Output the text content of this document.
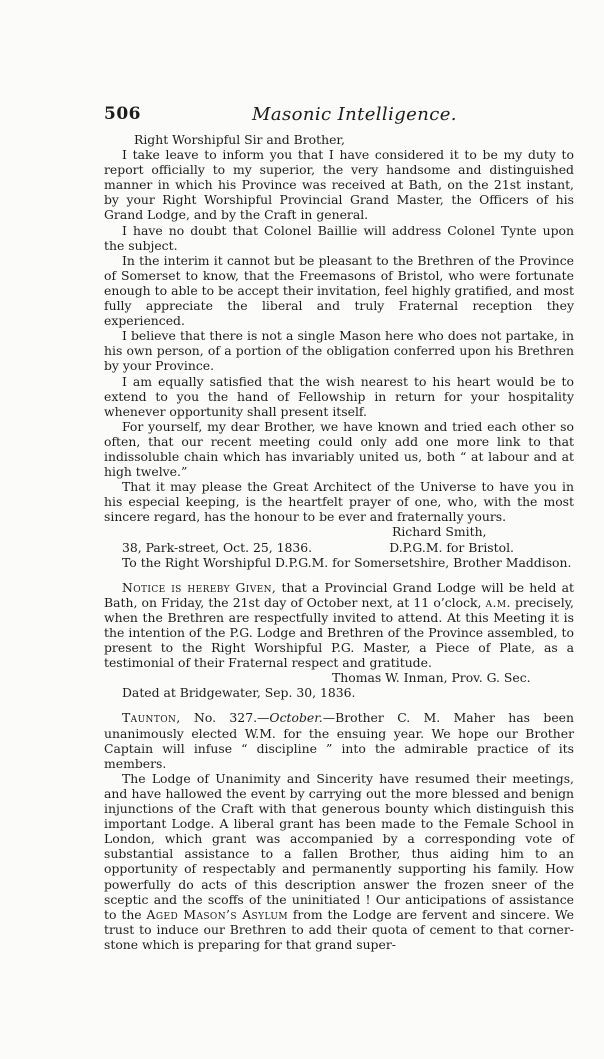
506	Masonic Intelligence.

Right Worshipful Sir and Brother,

I take leave to inform you that I have considered it to be my duty to report officially to my superior, the very handsome and distinguished manner in which his Province was received at Bath, on the 21st instant, by your Right Worshipful Provincial Grand Master, the Officers of his Grand Lodge, and by the Craft in general.

I have no doubt that Colonel Baillie will address Colonel Tynte upon the subject.

In the interim it cannot but be pleasant to the Brethren of the Province of Somerset to know, that the Freemasons of Bristol, who were fortunate enough to able to be accept their invitation, feel highly gratified, and most fully appreciate the liberal and truly Fraternal reception they experienced.

I believe that there is not a single Mason here who does not partake, in his own person, of a portion of the obligation conferred upon his Brethren by your Province.

I am equally satisfied that the wish nearest to his heart would be to extend to you the hand of Fellowship in return for your hospitality whenever opportunity shall present itself.

For yourself, my dear Brother, we have known and tried each other so often, that our recent meeting could only add one more link to that indissoluble chain which has invariably united us, both “ at labour and at high twelve.”

That it may please the Great Architect of the Universe to have you in his especial keeping, is the heartfelt prayer of one, who, with the most sincere regard, has the honour to be ever and fraternally yours.

Richard Smith,

38, Park-street, Oct. 25, 1836.	D.P.G.M. for Bristol.

To the Right Worshipful D.P.G.M. for Somersetshire, Brother Maddison.

Notice is hereby Given, that a Provincial Grand Lodge will be held at Bath, on Friday, the 21st day of October next, at 11 o’clock, a.m. precisely, when the Brethren are respectfully invited to attend. At this Meeting it is the intention of the P.G. Lodge and Brethren of the Province assembled, to present to the Right Worshipful P.G. Master, a Piece of Plate, as a testimonial of their Fraternal respect and gratitude.

Thomas W. Inman, Prov. G. Sec.

Dated at Bridgewater, Sep. 30, 1836.

Taunton, No. 327.—October.—Brother C. M. Maher has been unanimously elected W.M. for the ensuing year. We hope our Brother Captain will infuse “ discipline ” into the admirable practice of its members.

The Lodge of Unanimity and Sincerity have resumed their meetings, and have hallowed the event by carrying out the more blessed and benign injunctions of the Craft with that generous bounty which distinguish this important Lodge. A liberal grant has been made to the Female School in London, which grant was accompanied by a corresponding vote of substantial assistance to a fallen Brother, thus aiding him to an opportunity of respectably and permanently supporting his family. How powerfully do acts of this description answer the frozen sneer of the sceptic and the scoffs of the uninitiated ! Our anticipations of assistance to the Aged Mason’s Asylum from the Lodge are fervent and sincere. We trust to induce our Brethren to add their quota of cement to that corner-stone which is preparing for that grand super-
